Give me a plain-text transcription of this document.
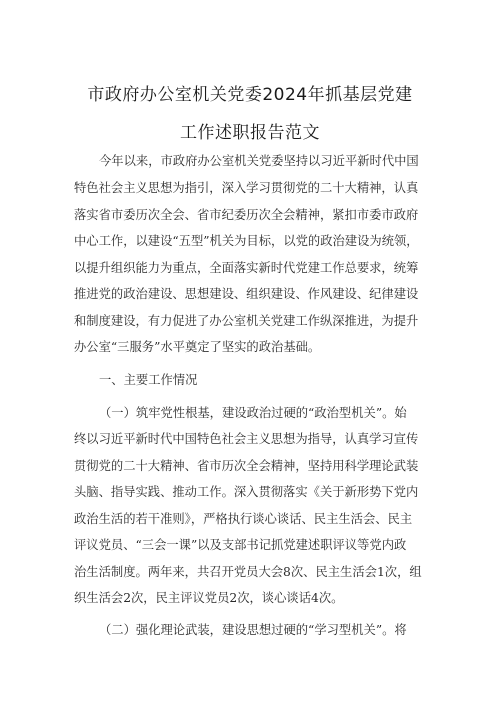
市政府办公室机关党委2024年抓基层党建
工作述职报告范文
今年以来，市政府办公室机关党委坚持以习近平新时代中国
特色社会主义思想为指引，深入学习贯彻党的二十大精神，认真
落实省市委历次全会、省市纪委历次全会精神，紧扣市委市政府
中心工作，以建设“五型”机关为目标，以党的政治建设为统领，
以提升组织能力为重点，全面落实新时代党建工作总要求，统筹
推进党的政治建设、思想建设、组织建设、作风建设、纪律建设
和制度建设，有力促进了办公室机关党建工作纵深推进，为提升
办公室“三服务”水平奠定了坚实的政治基础。
一、主要工作情况
（一）筑牢党性根基，建设政治过硬的“政治型机关”。始
终以习近平新时代中国特色社会主义思想为指导，认真学习宣传
贯彻党的二十大精神、省市历次全会精神，坚持用科学理论武装
头脑、指导实践、推动工作。深入贯彻落实《关于新形势下党内
政治生活的若干准则》，严格执行谈心谈话、民主生活会、民主
评议党员、“三会一课”以及支部书记抓党建述职评议等党内政
治生活制度。两年来，共召开党员大会8次、民主生活会1次，组
织生活会2次，民主评议党员2次，谈心谈话4次。
（二）强化理论武装，建设思想过硬的“学习型机关”。将
